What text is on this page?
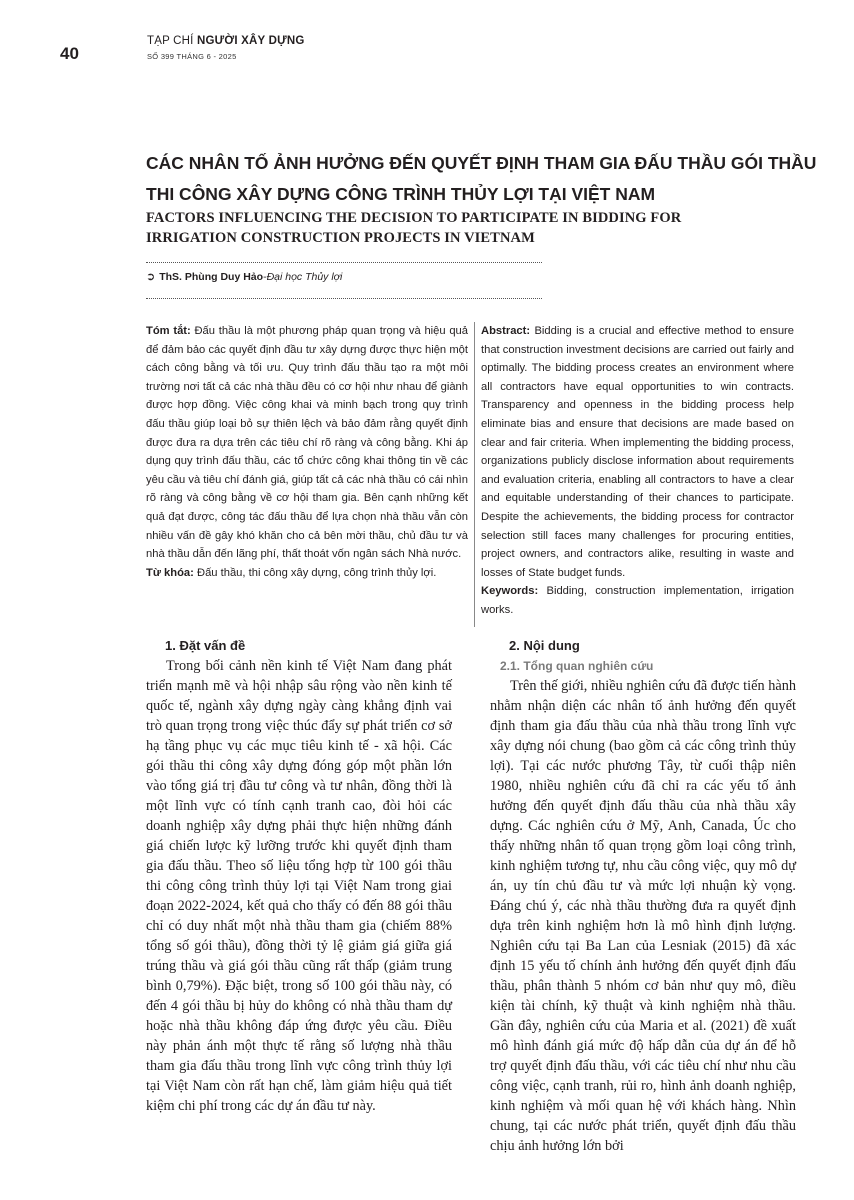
40
TẠP CHÍ NGƯỜI XÂY DỰNG
SỐ 399 THÁNG 6 - 2025
CÁC NHÂN TỐ ẢNH HƯỞNG ĐẾN QUYẾT ĐỊNH THAM GIA ĐẤU THẦU GÓI THẦU THI CÔNG XÂY DỰNG CÔNG TRÌNH THỦY LỢI TẠI VIỆT NAM
FACTORS INFLUENCING THE DECISION TO PARTICIPATE IN BIDDING FOR IRRIGATION CONSTRUCTION PROJECTS IN VIETNAM
➲ ThS. Phùng Duy Hảo - Đại học Thủy lợi

Tóm tắt: Đấu thầu là một phương pháp quan trọng và hiệu quả để đảm bảo các quyết định đầu tư xây dựng được thực hiện một cách công bằng và tối ưu. Quy trình đấu thầu tạo ra một môi trường nơi tất cả các nhà thầu đều có cơ hội như nhau để giành được hợp đồng. Việc công khai và minh bạch trong quy trình đấu thầu giúp loại bỏ sự thiên lệch và bảo đảm rằng quyết định được đưa ra dựa trên các tiêu chí rõ ràng và công bằng. Khi áp dụng quy trình đấu thầu, các tổ chức công khai thông tin về các yêu cầu và tiêu chí đánh giá, giúp tất cả các nhà thầu có cái nhìn rõ ràng và công bằng về cơ hội tham gia. Bên cạnh những kết quả đạt được, công tác đấu thầu để lựa chọn nhà thầu vẫn còn nhiều vấn đề gây khó khăn cho cả bên mời thầu, chủ đầu tư và nhà thầu dẫn đến lãng phí, thất thoát vốn ngân sách Nhà nước.

Từ khóa: Đấu thầu, thi công xây dựng, công trình thủy lợi.

Abstract: Bidding is a crucial and effective method to ensure that construction investment decisions are carried out fairly and optimally. The bidding process creates an environment where all contractors have equal opportunities to win contracts. Transparency and openness in the bidding process help eliminate bias and ensure that decisions are made based on clear and fair criteria. When implementing the bidding process, organizations publicly disclose information about requirements and evaluation criteria, enabling all contractors to have a clear and equitable understanding of their chances to participate. Despite the achievements, the bidding process for contractor selection still faces many challenges for procuring entities, project owners, and contractors alike, resulting in waste and losses of State budget funds.

Keywords: Bidding, construction implementation, irrigation works.

1. Đặt vấn đề

Trong bối cảnh nền kinh tế Việt Nam đang phát triển mạnh mẽ và hội nhập sâu rộng vào nền kinh tế quốc tế, ngành xây dựng ngày càng khẳng định vai trò quan trọng trong việc thúc đẩy sự phát triển cơ sở hạ tầng phục vụ các mục tiêu kinh tế - xã hội. Các gói thầu thi công xây dựng đóng góp một phần lớn vào tổng giá trị đầu tư công và tư nhân, đồng thời là một lĩnh vực có tính cạnh tranh cao, đòi hỏi các doanh nghiệp xây dựng phải thực hiện những đánh giá chiến lược kỹ lưỡng trước khi quyết định tham gia đấu thầu. Theo số liệu tổng hợp từ 100 gói thầu thi công công trình thủy lợi tại Việt Nam trong giai đoạn 2022-2024, kết quả cho thấy có đến 88 gói thầu chỉ có duy nhất một nhà thầu tham gia (chiếm 88% tổng số gói thầu), đồng thời tỷ lệ giảm giá giữa giá trúng thầu và giá gói thầu cũng rất thấp (giảm trung bình 0,79%). Đặc biệt, trong số 100 gói thầu này, có đến 4 gói thầu bị hủy do không có nhà thầu tham dự hoặc nhà thầu không đáp ứng được yêu cầu. Điều này phản ánh một thực tế rằng số lượng nhà thầu tham gia đấu thầu trong lĩnh vực công trình thủy lợi tại Việt Nam còn rất hạn chế, làm giảm hiệu quả tiết kiệm chi phí trong các dự án đầu tư này.

2. Nội dung
2.1. Tổng quan nghiên cứu

Trên thế giới, nhiều nghiên cứu đã được tiến hành nhằm nhận diện các nhân tố ảnh hưởng đến quyết định tham gia đấu thầu của nhà thầu trong lĩnh vực xây dựng nói chung (bao gồm cả các công trình thủy lợi). Tại các nước phương Tây, từ cuối thập niên 1980, nhiều nghiên cứu đã chỉ ra các yếu tố ảnh hưởng đến quyết định đấu thầu của nhà thầu xây dựng. Các nghiên cứu ở Mỹ, Anh, Canada, Úc cho thấy những nhân tố quan trọng gồm loại công trình, kinh nghiệm tương tự, nhu cầu công việc, quy mô dự án, uy tín chủ đầu tư và mức lợi nhuận kỳ vọng. Đáng chú ý, các nhà thầu thường đưa ra quyết định dựa trên kinh nghiệm hơn là mô hình định lượng. Nghiên cứu tại Ba Lan của Lesniak (2015) đã xác định 15 yếu tố chính ảnh hưởng đến quyết định đấu thầu, phân thành 5 nhóm cơ bản như quy mô, điều kiện tài chính, kỹ thuật và kinh nghiệm nhà thầu. Gần đây, nghiên cứu của Maria et al. (2021) đề xuất mô hình đánh giá mức độ hấp dẫn của dự án để hỗ trợ quyết định đấu thầu, với các tiêu chí như nhu cầu công việc, cạnh tranh, rủi ro, hình ảnh doanh nghiệp, kinh nghiệm và mối quan hệ với khách hàng. Nhìn chung, tại các nước phát triển, quyết định đấu thầu chịu ảnh hưởng lớn bởi
